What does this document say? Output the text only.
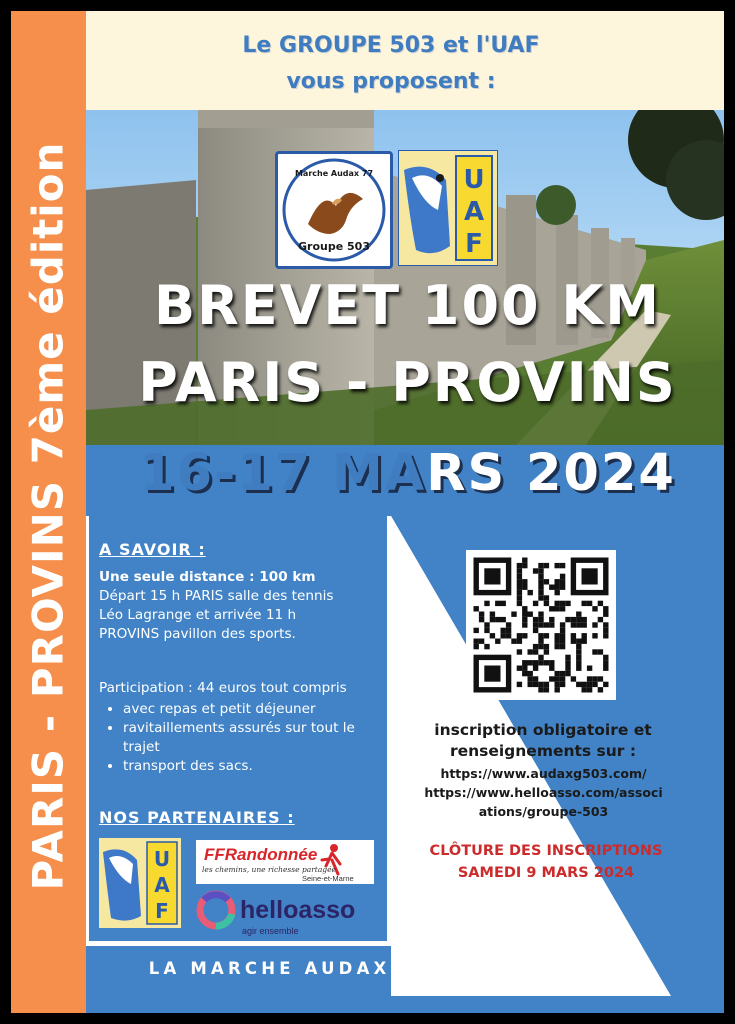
PARIS - PROVINS 7ème édition
Le GROUPE 503 et l'UAF
vous proposent :
Marche Audax 77
Groupe 503
U
A
F
BREVET 100 KM
PARIS - PROVINS
16-17 MARS 2024
A SAVOIR :

Une seule distance : 100 km

Départ 15 h PARIS salle des tennis

Léo Lagrange et arrivée 11 h

PROVINS pavillon des sports.

Participation : 44 euros tout compris

• avec repas et petit déjeuner
• ravitaillements assurés sur tout le trajet
• transport des sacs.
NOS PARTENAIRES :
U
A
F
FFRandonnée
les chemins, une richesse partagée
Seine-et-Marne
helloasso
agir ensemble
inscription obligatoire et
renseignements sur :
https://www.audaxg503.com/
https://www.helloasso.com/associ
ations/groupe-503
CLÔTURE DES INSCRIPTIONS
SAMEDI 9 MARS 2024
LA MARCHE AUDAX : DÉPASSEZ-VOUS!
